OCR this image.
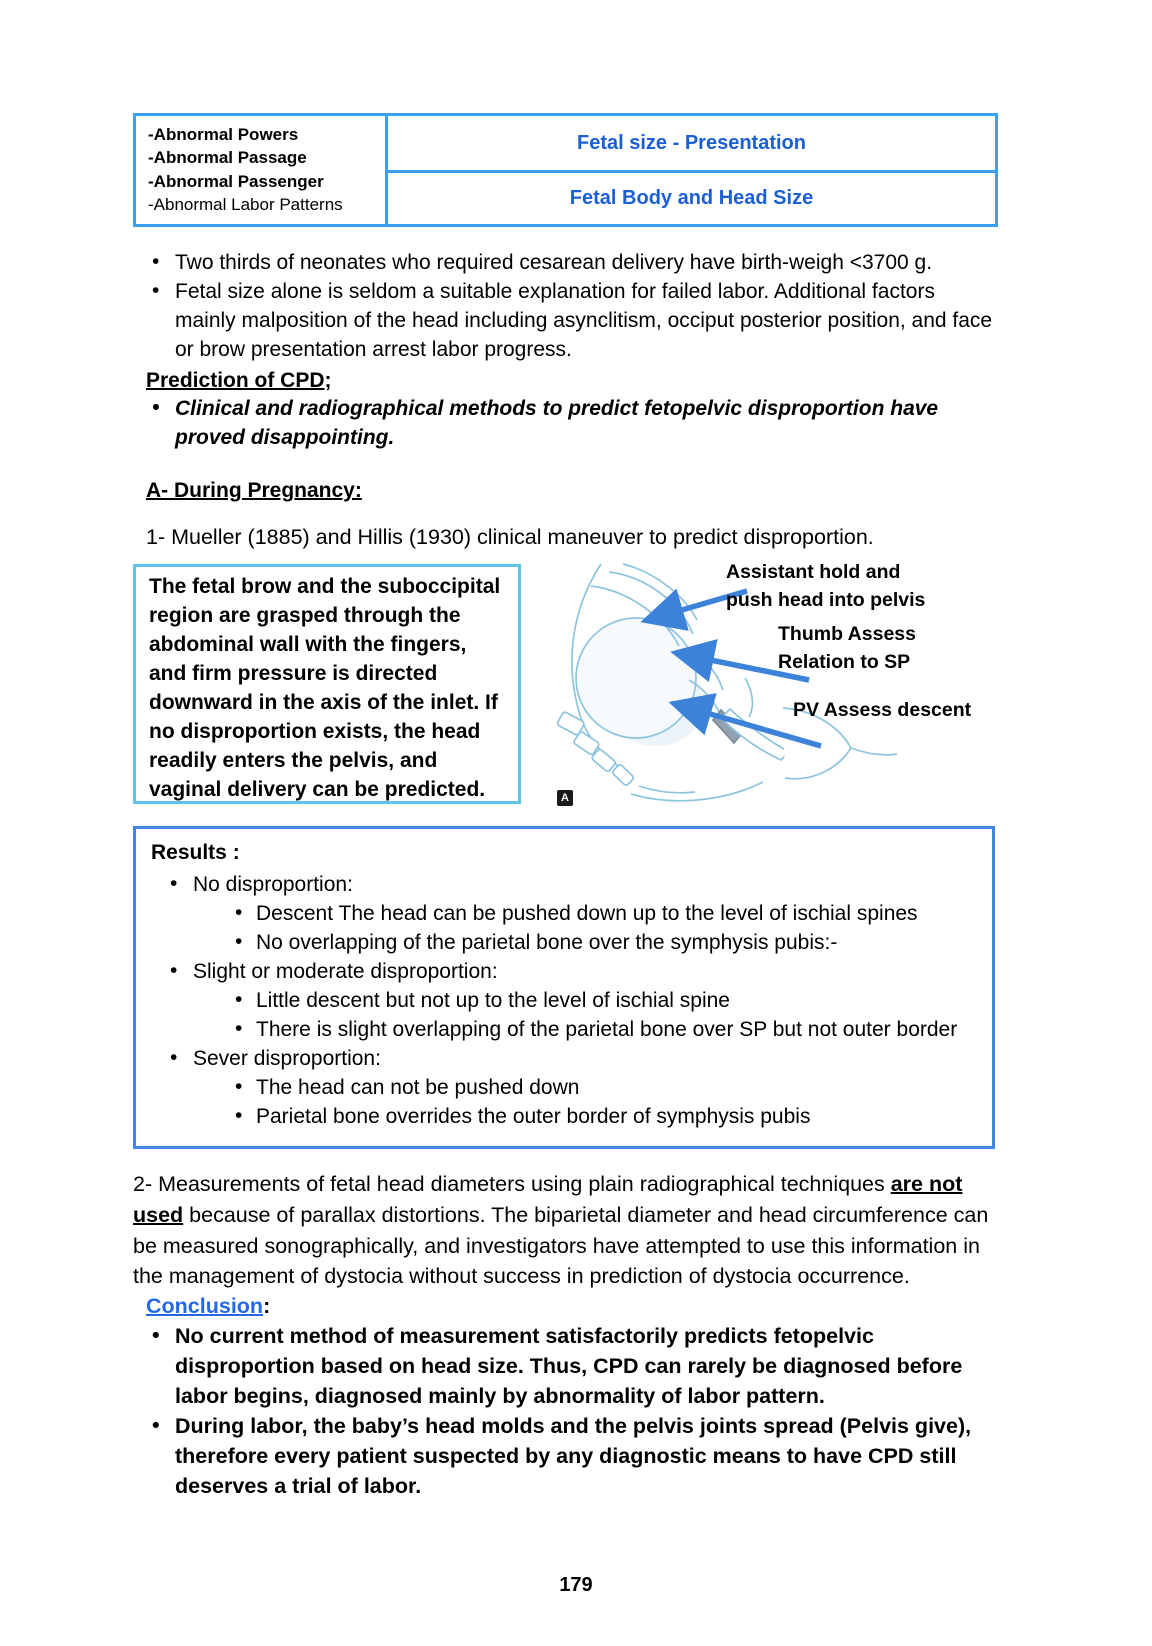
-Abnormal Powers
-Abnormal Passage
-Abnormal Passenger
-Abnormal Labor Patterns
Fetal size - Presentation
Fetal Body and Head Size
• Two thirds of neonates who required cesarean delivery have birth-weigh <3700 g.
• Fetal size alone is seldom a suitable explanation for failed labor. Additional factors mainly malposition of the head including asynclitism, occiput posterior position, and face or brow presentation arrest labor progress.
Prediction of CPD;
• Clinical and radiographical methods to predict fetopelvic disproportion have proved disappointing.
A- During Pregnancy:
1- Mueller (1885) and Hillis (1930) clinical maneuver to predict disproportion.
The fetal brow and the suboccipital region are grasped through the abdominal wall with the fingers, and firm pressure is directed downward in the axis of the inlet. If no disproportion exists, the head readily enters the pelvis, and vaginal delivery can be predicted.
Assistant hold and
push head into pelvis
Thumb Assess
Relation to SP
PV Assess descent
A
Results :
• No disproportion:
• Descent The head can be pushed down up to the level of ischial spines
• No overlapping of the parietal bone over the symphysis pubis:-
• Slight or moderate disproportion:
• Little descent but not up to the level of ischial spine
• There is slight overlapping of the parietal bone over SP but not outer border
• Sever disproportion:
• The head can not be pushed down
• Parietal bone overrides the outer border of symphysis pubis
2- Measurements of fetal head diameters using plain radiographical techniques are not used because of parallax distortions. The biparietal diameter and head circumference can be measured sonographically, and investigators have attempted to use this information in the management of dystocia without success in prediction of dystocia occurrence.
Conclusion:
• No current method of measurement satisfactorily predicts fetopelvic disproportion based on head size. Thus, CPD can rarely be diagnosed before labor begins, diagnosed mainly by abnormality of labor pattern.
• During labor, the baby’s head molds and the pelvis joints spread (Pelvis give), therefore every patient suspected by any diagnostic means to have CPD still deserves a trial of labor.
179
